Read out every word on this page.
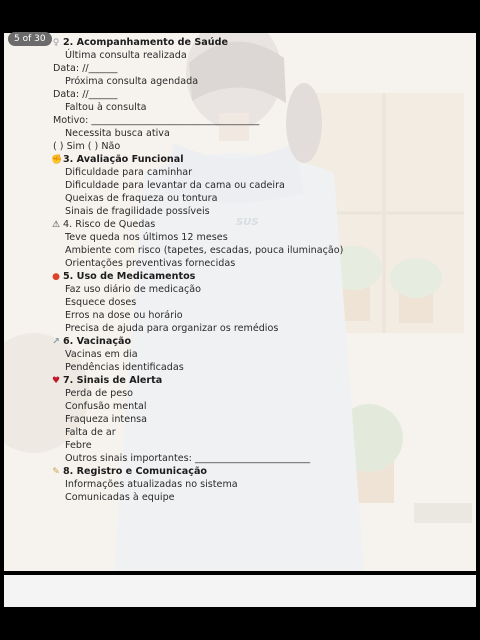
♀ 2. Acompanhamento de Saúde
Última consulta realizada
Data: //______
Próxima consulta agendada
Data: //______
Faltou à consulta
Motivo: ___________________________________
Necessita busca ativa
( ) Sim ( ) Não
✊3. Avaliação Funcional
Dificuldade para caminhar
Dificuldade para levantar da cama ou cadeira
Queixas de fraqueza ou tontura
Sinais de fragilidade possíveis
⚠ 4. Risco de Quedas
Teve queda nos últimos 12 meses
Ambiente com risco (tapetes, escadas, pouca iluminação)
Orientações preventivas fornecidas
● 5. Uso de Medicamentos
Faz uso diário de medicação
Esquece doses
Erros na dose ou horário
Precisa de ajuda para organizar os remédios
↗ 6. Vacinação
Vacinas em dia
Pendências identificadas
♥ 7. Sinais de Alerta
Perda de peso
Confusão mental
Fraqueza intensa
Falta de ar
Febre
Outros sinais importantes: ________________________
✎ 8. Registro e Comunicação
Informações atualizadas no sistema
Comunicadas à equipe
SUS
5 of 30
